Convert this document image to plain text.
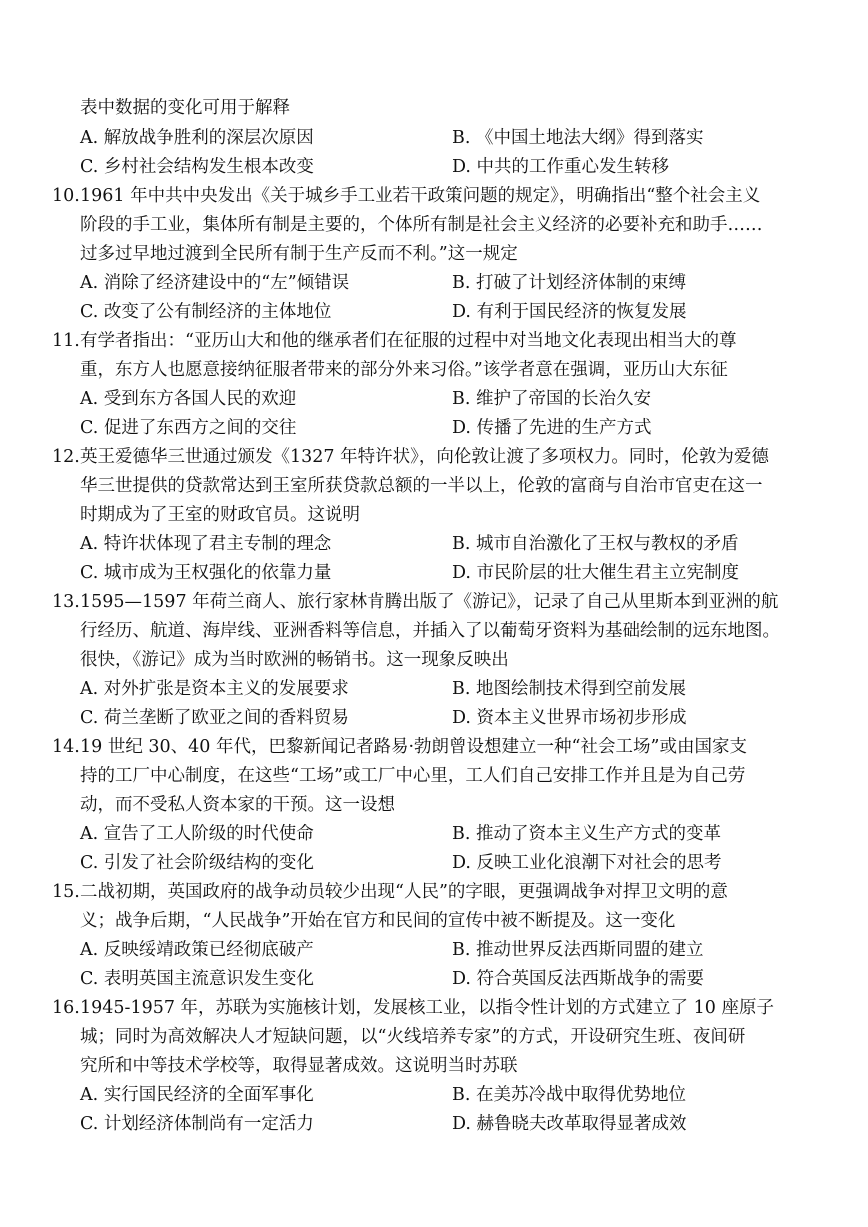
表中数据的变化可用于解释
A. 解放战争胜利的深层次原因	B. 《中国土地法大纲》得到落实
C. 乡村社会结构发生根本改变	D. 中共的工作重心发生转移
10. 1961 年中共中央发出《关于城乡手工业若干政策问题的规定》，明确指出“整个社会主义
阶段的手工业，集体所有制是主要的，个体所有制是社会主义经济的必要补充和助手……
过多过早地过渡到全民所有制于生产反而不利。”这一规定
A. 消除了经济建设中的“左”倾错误	B. 打破了计划经济体制的束缚
C. 改变了公有制经济的主体地位	D. 有利于国民经济的恢复发展
11. 有学者指出：“亚历山大和他的继承者们在征服的过程中对当地文化表现出相当大的尊
重，东方人也愿意接纳征服者带来的部分外来习俗。”该学者意在强调，亚历山大东征
A. 受到东方各国人民的欢迎	B. 维护了帝国的长治久安
C. 促进了东西方之间的交往	D. 传播了先进的生产方式
12. 英王爱德华三世通过颁发《1327 年特许状》，向伦敦让渡了多项权力。同时，伦敦为爱德
华三世提供的贷款常达到王室所获贷款总额的一半以上，伦敦的富商与自治市官吏在这一
时期成为了王室的财政官员。这说明
A. 特许状体现了君主专制的理念	B. 城市自治激化了王权与教权的矛盾
C. 城市成为王权强化的依靠力量	D. 市民阶层的壮大催生君主立宪制度
13. 1595—1597 年荷兰商人、旅行家林肯腾出版了《游记》，记录了自己从里斯本到亚洲的航
行经历、航道、海岸线、亚洲香料等信息，并插入了以葡萄牙资料为基础绘制的远东地图。
很快，《游记》成为当时欧洲的畅销书。这一现象反映出
A. 对外扩张是资本主义的发展要求	B. 地图绘制技术得到空前发展
C. 荷兰垄断了欧亚之间的香料贸易	D. 资本主义世界市场初步形成
14. 19 世纪 30、40 年代，巴黎新闻记者路易·勃朗曾设想建立一种“社会工场”或由国家支
持的工厂中心制度，在这些“工场”或工厂中心里，工人们自己安排工作并且是为自己劳
动，而不受私人资本家的干预。这一设想
A. 宣告了工人阶级的时代使命	B. 推动了资本主义生产方式的变革
C. 引发了社会阶级结构的变化	D. 反映工业化浪潮下对社会的思考
15. 二战初期，英国政府的战争动员较少出现“人民”的字眼，更强调战争对捍卫文明的意
义；战争后期，“人民战争”开始在官方和民间的宣传中被不断提及。这一变化
A. 反映绥靖政策已经彻底破产	B. 推动世界反法西斯同盟的建立
C. 表明英国主流意识发生变化	D. 符合英国反法西斯战争的需要
16. 1945-1957 年，苏联为实施核计划，发展核工业，以指令性计划的方式建立了 10 座原子
城；同时为高效解决人才短缺问题，以“火线培养专家”的方式，开设研究生班、夜间研
究所和中等技术学校等，取得显著成效。这说明当时苏联
A. 实行国民经济的全面军事化	B. 在美苏冷战中取得优势地位
C. 计划经济体制尚有一定活力	D. 赫鲁晓夫改革取得显著成效
